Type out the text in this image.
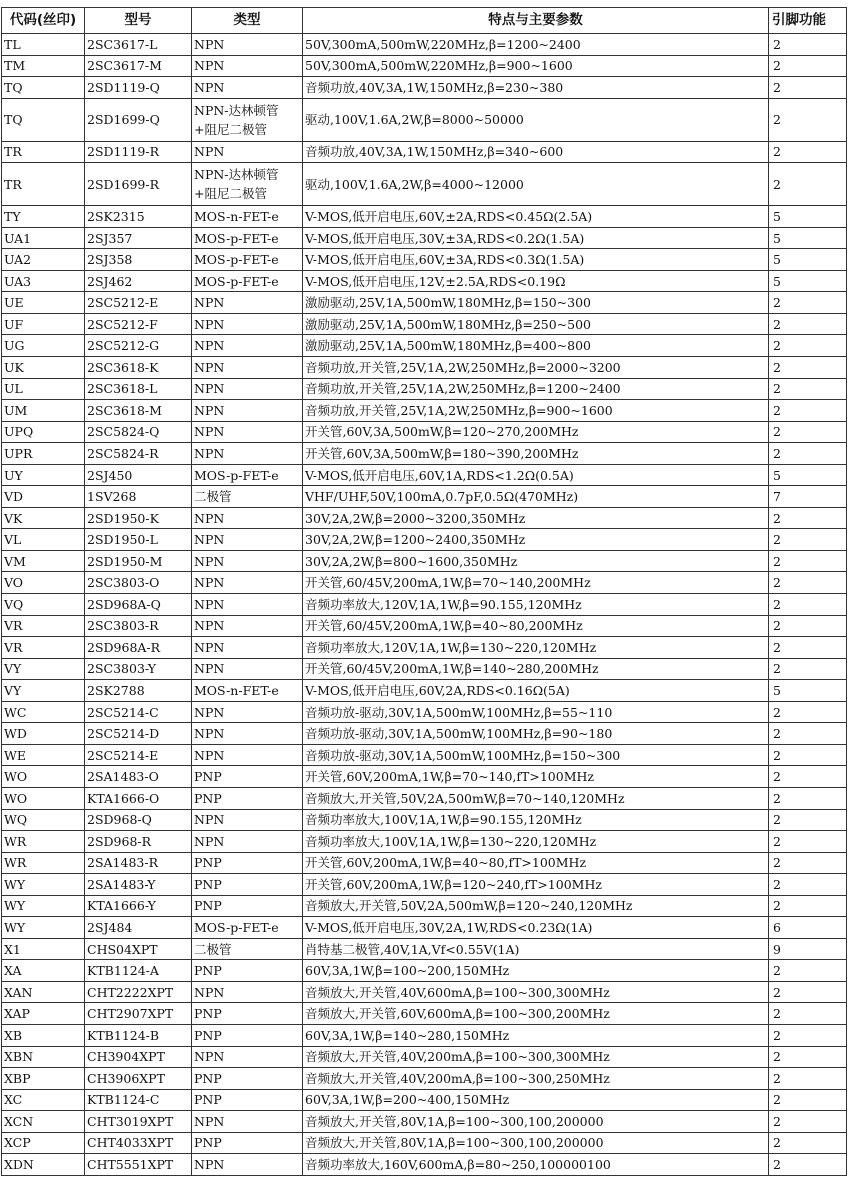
代码(丝印)	型号	类型	特点与主要参数	引脚功能
TL	2SC3617-L	NPN	50V,300mA,500mW,220MHz,β=1200~2400	2
TM	2SC3617-M	NPN	50V,300mA,500mW,220MHz,β=900~1600	2
TQ	2SD1119-Q	NPN	音频功放,40V,3A,1W,150MHz,β=230~380	2
TQ	2SD1699-Q	NPN-达林顿管+阻尼二极管	驱动,100V,1.6A,2W,β=8000~50000	2
TR	2SD1119-R	NPN	音频功放,40V,3A,1W,150MHz,β=340~600	2
TR	2SD1699-R	NPN-达林顿管+阻尼二极管	驱动,100V,1.6A,2W,β=4000~12000	2
TY	2SK2315	MOS-n-FET-e	V-MOS,低开启电压,60V,±2A,RDS<0.45Ω(2.5A)	5
UA1	2SJ357	MOS-p-FET-e	V-MOS,低开启电压,30V,±3A,RDS<0.2Ω(1.5A)	5
UA2	2SJ358	MOS-p-FET-e	V-MOS,低开启电压,60V,±3A,RDS<0.3Ω(1.5A)	5
UA3	2SJ462	MOS-p-FET-e	V-MOS,低开启电压,12V,±2.5A,RDS<0.19Ω	5
UE	2SC5212-E	NPN	激励驱动,25V,1A,500mW,180MHz,β=150~300	2
UF	2SC5212-F	NPN	激励驱动,25V,1A,500mW,180MHz,β=250~500	2
UG	2SC5212-G	NPN	激励驱动,25V,1A,500mW,180MHz,β=400~800	2
UK	2SC3618-K	NPN	音频功放,开关管,25V,1A,2W,250MHz,β=2000~3200	2
UL	2SC3618-L	NPN	音频功放,开关管,25V,1A,2W,250MHz,β=1200~2400	2
UM	2SC3618-M	NPN	音频功放,开关管,25V,1A,2W,250MHz,β=900~1600	2
UPQ	2SC5824-Q	NPN	开关管,60V,3A,500mW,β=120~270,200MHz	2
UPR	2SC5824-R	NPN	开关管,60V,3A,500mW,β=180~390,200MHz	2
UY	2SJ450	MOS-p-FET-e	V-MOS,低开启电压,60V,1A,RDS<1.2Ω(0.5A)	5
VD	1SV268	二极管	VHF/UHF,50V,100mA,0.7pF,0.5Ω(470MHz)	7
VK	2SD1950-K	NPN	30V,2A,2W,β=2000~3200,350MHz	2
VL	2SD1950-L	NPN	30V,2A,2W,β=1200~2400,350MHz	2
VM	2SD1950-M	NPN	30V,2A,2W,β=800~1600,350MHz	2
VO	2SC3803-O	NPN	开关管,60/45V,200mA,1W,β=70~140,200MHz	2
VQ	2SD968A-Q	NPN	音频功率放大,120V,1A,1W,β=90.155,120MHz	2
VR	2SC3803-R	NPN	开关管,60/45V,200mA,1W,β=40~80,200MHz	2
VR	2SD968A-R	NPN	音频功率放大,120V,1A,1W,β=130~220,120MHz	2
VY	2SC3803-Y	NPN	开关管,60/45V,200mA,1W,β=140~280,200MHz	2
VY	2SK2788	MOS-n-FET-e	V-MOS,低开启电压,60V,2A,RDS<0.16Ω(5A)	5
WC	2SC5214-C	NPN	音频功放-驱动,30V,1A,500mW,100MHz,β=55~110	2
WD	2SC5214-D	NPN	音频功放-驱动,30V,1A,500mW,100MHz,β=90~180	2
WE	2SC5214-E	NPN	音频功放-驱动,30V,1A,500mW,100MHz,β=150~300	2
WO	2SA1483-O	PNP	开关管,60V,200mA,1W,β=70~140,fT>100MHz	2
WO	KTA1666-O	PNP	音频放大,开关管,50V,2A,500mW,β=70~140,120MHz	2
WQ	2SD968-Q	NPN	音频功率放大,100V,1A,1W,β=90.155,120MHz	2
WR	2SD968-R	NPN	音频功率放大,100V,1A,1W,β=130~220,120MHz	2
WR	2SA1483-R	PNP	开关管,60V,200mA,1W,β=40~80,fT>100MHz	2
WY	2SA1483-Y	PNP	开关管,60V,200mA,1W,β=120~240,fT>100MHz	2
WY	KTA1666-Y	PNP	音频放大,开关管,50V,2A,500mW,β=120~240,120MHz	2
WY	2SJ484	MOS-p-FET-e	V-MOS,低开启电压,30V,2A,1W,RDS<0.23Ω(1A)	6
X1	CHS04XPT	二极管	肖特基二极管,40V,1A,Vf<0.55V(1A)	9
XA	KTB1124-A	PNP	60V,3A,1W,β=100~200,150MHz	2
XAN	CHT2222XPT	NPN	音频放大,开关管,40V,600mA,β=100~300,300MHz	2
XAP	CHT2907XPT	PNP	音频放大,开关管,60V,600mA,β=100~300,200MHz	2
XB	KTB1124-B	PNP	60V,3A,1W,β=140~280,150MHz	2
XBN	CH3904XPT	NPN	音频放大,开关管,40V,200mA,β=100~300,300MHz	2
XBP	CH3906XPT	PNP	音频放大,开关管,40V,200mA,β=100~300,250MHz	2
XC	KTB1124-C	PNP	60V,3A,1W,β=200~400,150MHz	2
XCN	CHT3019XPT	NPN	音频放大,开关管,80V,1A,β=100~300,100,200000	2
XCP	CHT4033XPT	PNP	音频放大,开关管,80V,1A,β=100~300,100,200000	2
XDN	CHT5551XPT	NPN	音频功率放大,160V,600mA,β=80~250,100000100	2
